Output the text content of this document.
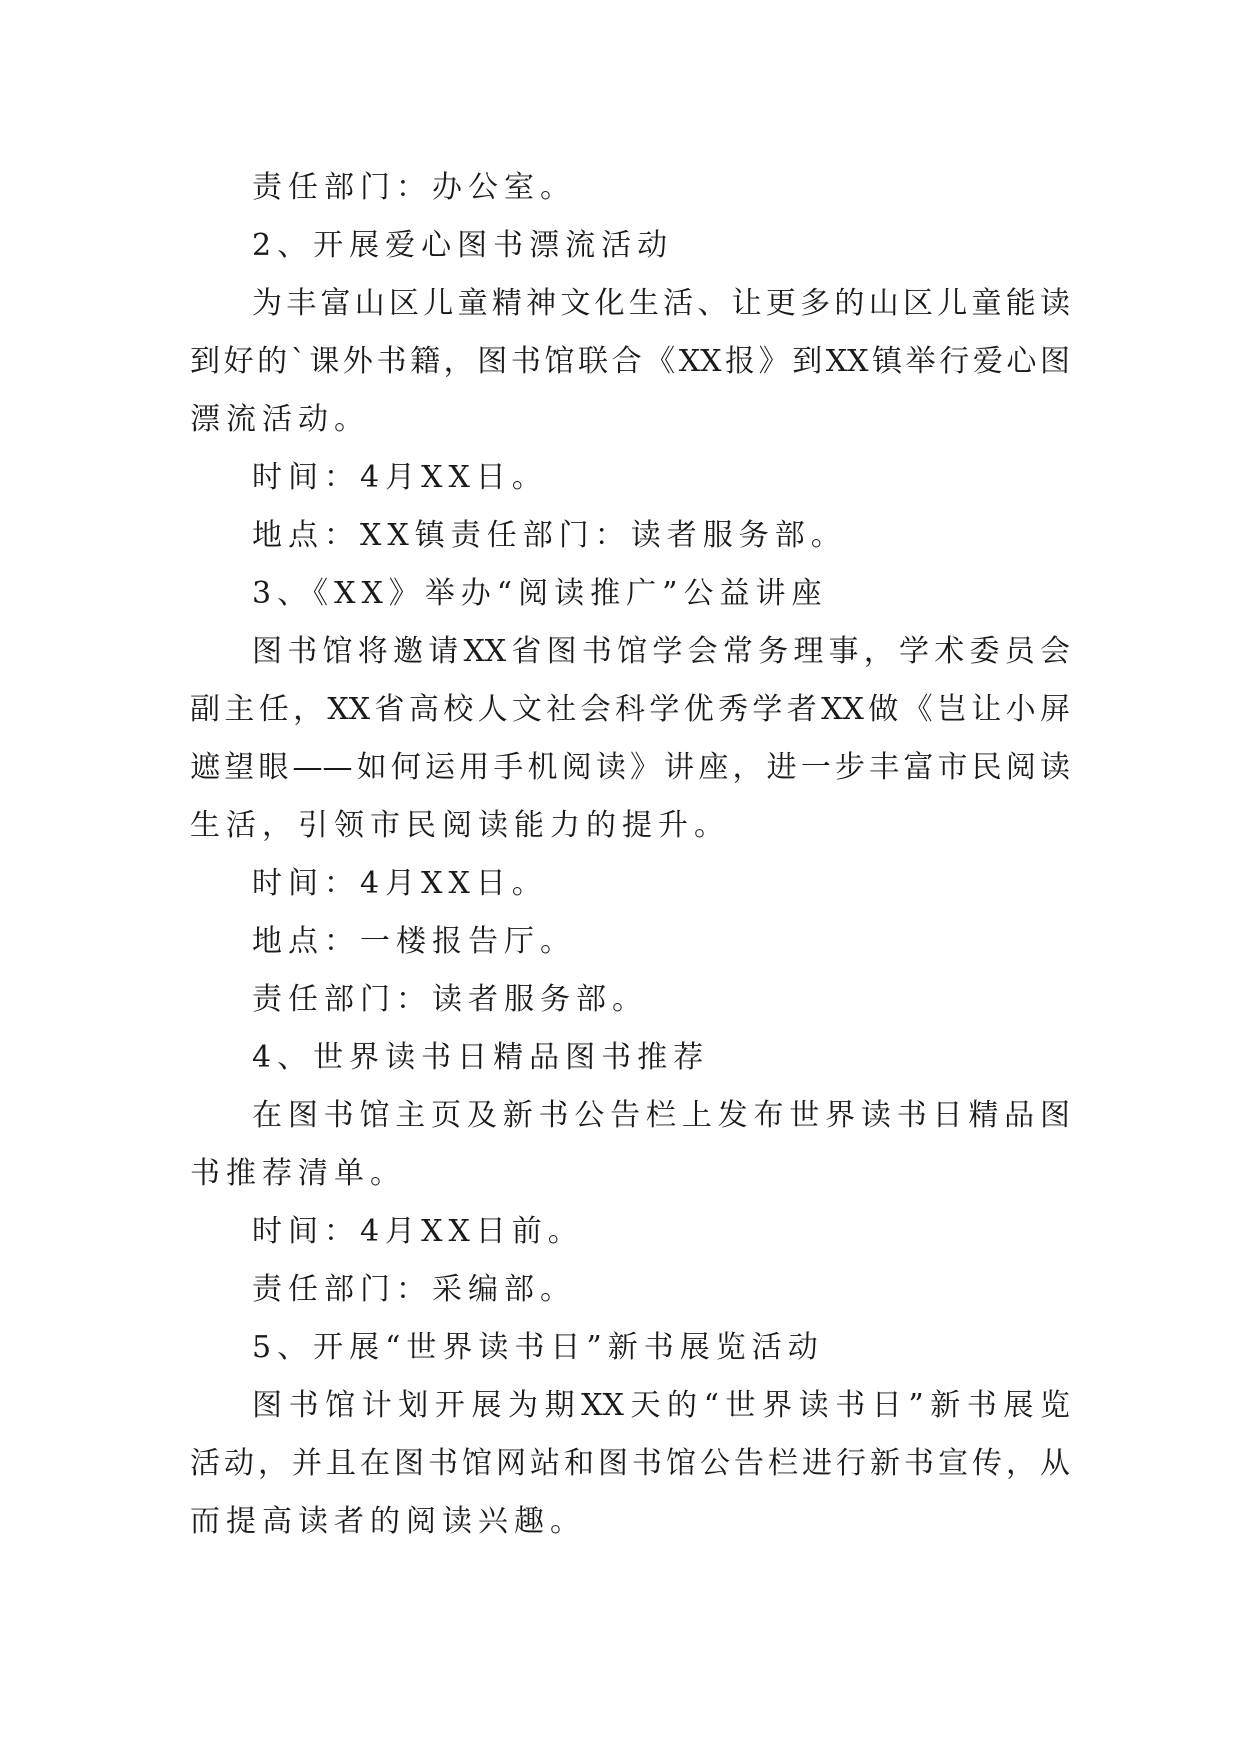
责任部门：办公室。
2、开展爱心图书漂流活动
为丰富山区儿童精神文化生活、让更多的山区儿童能读
到好的`课外书籍，图书馆联合《XX报》到XX镇举行爱心图
漂流活动。
时间：4月XX日。
地点：XX镇责任部门：读者服务部。
3、《XX》举办“阅读推广”公益讲座
图书馆将邀请XX省图书馆学会常务理事，学术委员会
副主任，XX省高校人文社会科学优秀学者XX做《岂让小屏
遮望眼——如何运用手机阅读》讲座，进一步丰富市民阅读
生活，引领市民阅读能力的提升。
时间：4月XX日。
地点：一楼报告厅。
责任部门：读者服务部。
4、世界读书日精品图书推荐
在图书馆主页及新书公告栏上发布世界读书日精品图
书推荐清单。
时间：4月XX日前。
责任部门：采编部。
5、开展“世界读书日”新书展览活动
图书馆计划开展为期XX天的“世界读书日”新书展览
活动，并且在图书馆网站和图书馆公告栏进行新书宣传，从
而提高读者的阅读兴趣。
